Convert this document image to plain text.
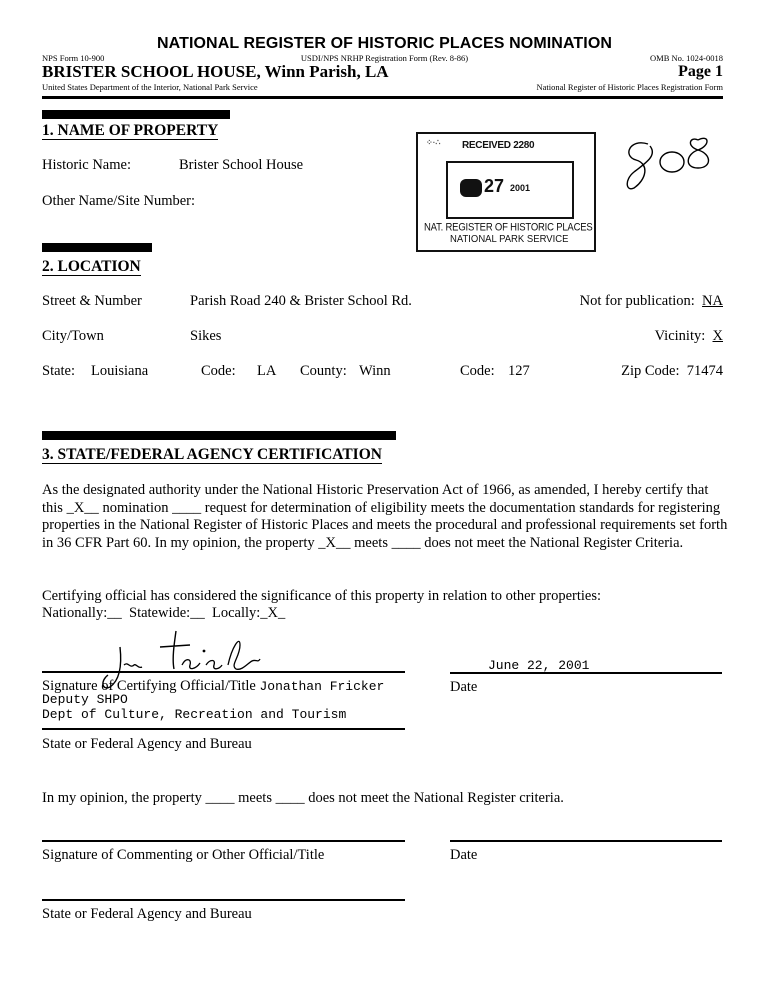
NATIONAL REGISTER OF HISTORIC PLACES NOMINATION
NPS Form 10-900	USDI/NPS NRHP Registration Form (Rev. 8-86)	OMB No. 1024-0018
BRISTER SCHOOL HOUSE, Winn Parish, LA	Page 1
United States Department of the Interior, National Park Service	National Register of Historic Places Registration Form
⁘·∴ RECEIVED 2280
27 2001
NAT. REGISTER OF HISTORIC PLACES
NATIONAL PARK SERVICE
1. NAME OF PROPERTY
Historic Name:	Brister School House
Other Name/Site Number:
2. LOCATION
Street & Number	Parish Road 240 & Brister School Rd.	Not for publication: NA
City/Town	Sikes	Vicinity: X
State: Louisiana	Code: LA County: Winn	Code: 127	Zip Code: 71474
3. STATE/FEDERAL AGENCY CERTIFICATION
As the designated authority under the National Historic Preservation Act of 1966, as amended, I hereby certify that this _X__ nomination ____ request for determination of eligibility meets the documentation standards for registering properties in the National Register of Historic Places and meets the procedural and professional requirements set forth in 36 CFR Part 60. In my opinion, the property _X__ meets ____ does not meet the National Register Criteria.
Certifying official has considered the significance of this property in relation to other properties:
Nationally:__ Statewide:__ Locally:_X_
Signature of Certifying Official/Title Jonathan Fricker
Deputy SHPO
Dept of Culture, Recreation and Tourism
June 22, 2001
Date
State or Federal Agency and Bureau
In my opinion, the property ____ meets ____ does not meet the National Register criteria.
Signature of Commenting or Other Official/Title	Date
State or Federal Agency and Bureau
